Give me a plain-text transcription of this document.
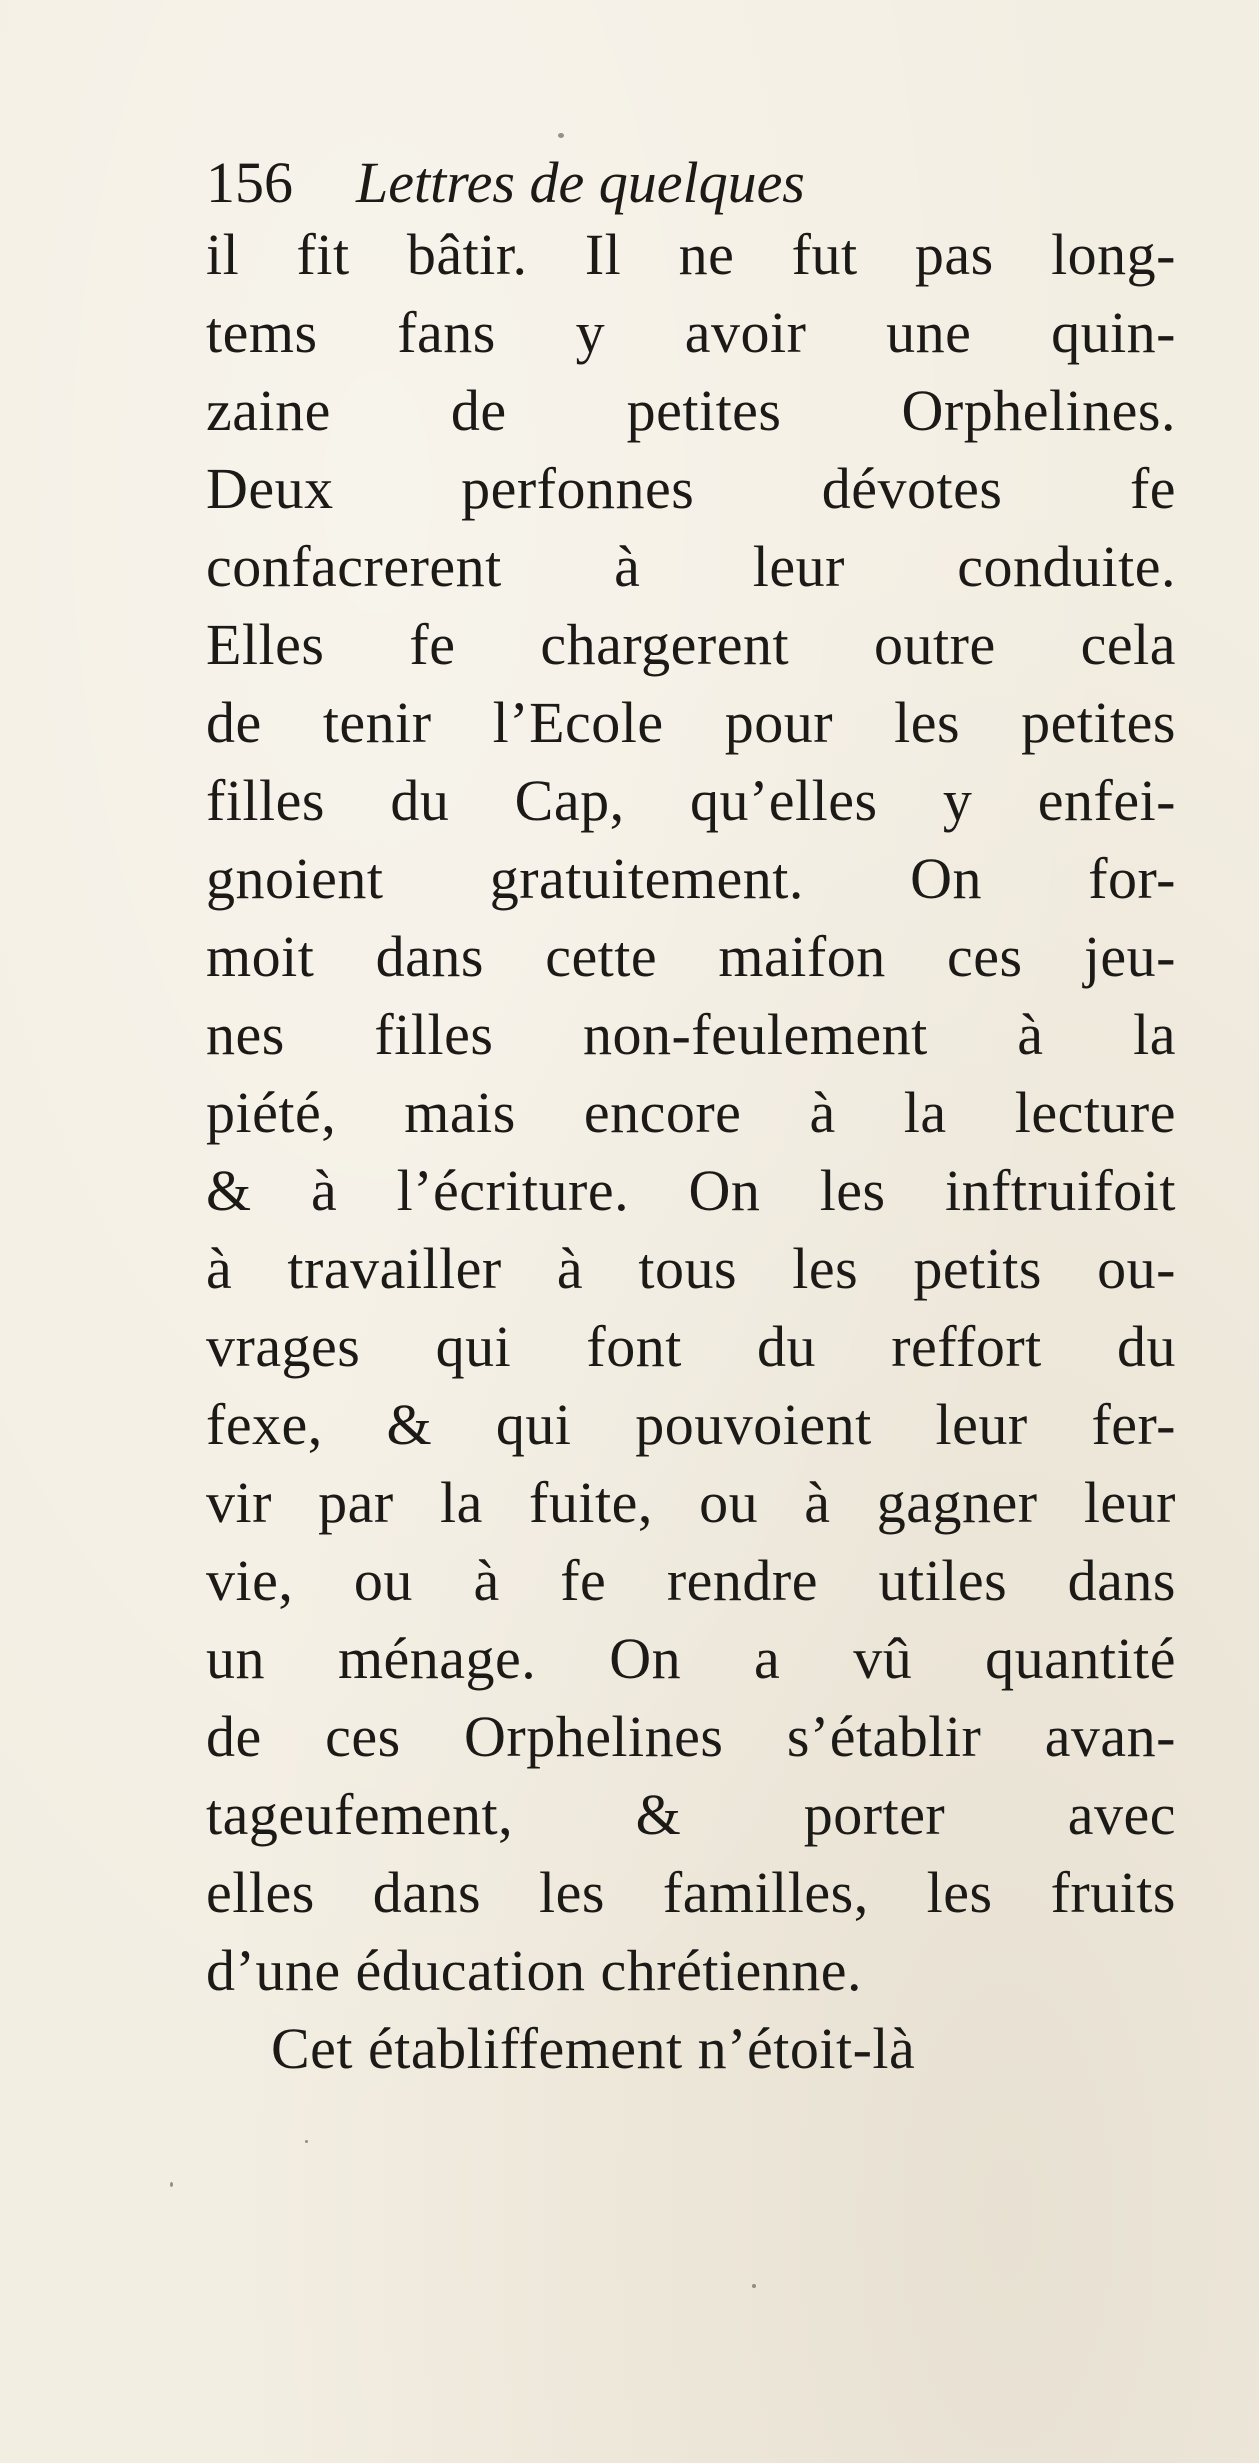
156 Lettres de quelques
il fit bâtir. Il ne fut pas long-
tems fans y avoir une quin-
zaine de petites Orphelines.
Deux perfonnes dévotes fe
confacrerent à leur conduite.
Elles fe chargerent outre cela
de tenir l’Ecole pour les petites
filles du Cap, qu’elles y enfei-
gnoient gratuitement. On for-
moit dans cette maifon ces jeu-
nes filles non-feulement à la
piété, mais encore à la lecture
& à l’écriture. On les inftruifoit
à travailler à tous les petits ou-
vrages qui font du reffort du
fexe, & qui pouvoient leur fer-
vir par la fuite, ou à gagner leur
vie, ou à fe rendre utiles dans
un ménage. On a vû quantité
de ces Orphelines s’établir avan-
tageufement, & porter avec
elles dans les familles, les fruits
d’une éducation chrétienne.
Cet établiffement n’étoit-là
